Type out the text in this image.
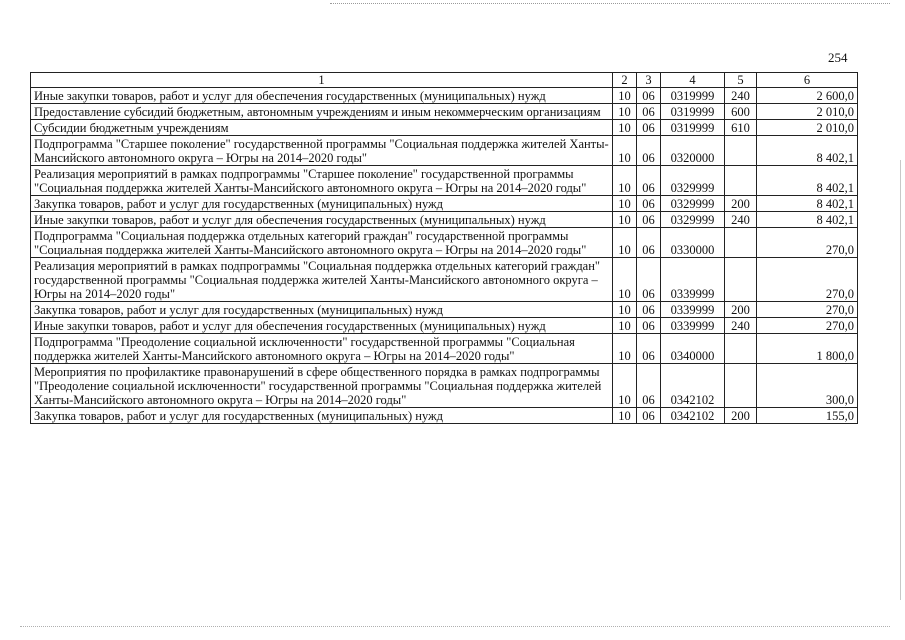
254
1	2	3	4	5	6
Иные закупки товаров, работ и услуг для обеспечения государственных (муниципальных) нужд	10	06	0319999	240	2 600,0
Предоставление субсидий бюджетным, автономным учреждениям и иным некоммерческим организациям	10	06	0319999	600	2 010,0
Субсидии бюджетным учреждениям	10	06	0319999	610	2 010,0
Подпрограмма "Старшее поколение" государственной программы "Социальная поддержка жителей Ханты-Мансийского автономного округа – Югры на 2014–2020 годы"	10	06	0320000		8 402,1
Реализация мероприятий в рамках подпрограммы "Старшее поколение" государственной программы "Социальная поддержка жителей Ханты-Мансийского автономного округа – Югры на 2014–2020 годы"	10	06	0329999		8 402,1
Закупка товаров, работ и услуг для государственных (муниципальных) нужд	10	06	0329999	200	8 402,1
Иные закупки товаров, работ и услуг для обеспечения государственных (муниципальных) нужд	10	06	0329999	240	8 402,1
Подпрограмма "Социальная поддержка отдельных категорий граждан" государственной программы "Социальная поддержка жителей Ханты-Мансийского автономного округа – Югры на 2014–2020 годы"	10	06	0330000		270,0
Реализация мероприятий в рамках подпрограммы "Социальная поддержка отдельных категорий граждан" государственной программы "Социальная поддержка жителей Ханты-Мансийского автономного округа – Югры на 2014–2020 годы"	10	06	0339999		270,0
Закупка товаров, работ и услуг для государственных (муниципальных) нужд	10	06	0339999	200	270,0
Иные закупки товаров, работ и услуг для обеспечения государственных (муниципальных) нужд	10	06	0339999	240	270,0
Подпрограмма "Преодоление социальной исключенности" государственной программы "Социальная поддержка жителей Ханты-Мансийского автономного округа – Югры на 2014–2020 годы"	10	06	0340000		1 800,0
Мероприятия по профилактике правонарушений в сфере общественного порядка в рамках подпрограммы "Преодоление социальной исключенности" государственной программы "Социальная поддержка жителей Ханты-Мансийского автономного округа – Югры на 2014–2020 годы"	10	06	0342102		300,0
Закупка товаров, работ и услуг для государственных (муниципальных) нужд	10	06	0342102	200	155,0
